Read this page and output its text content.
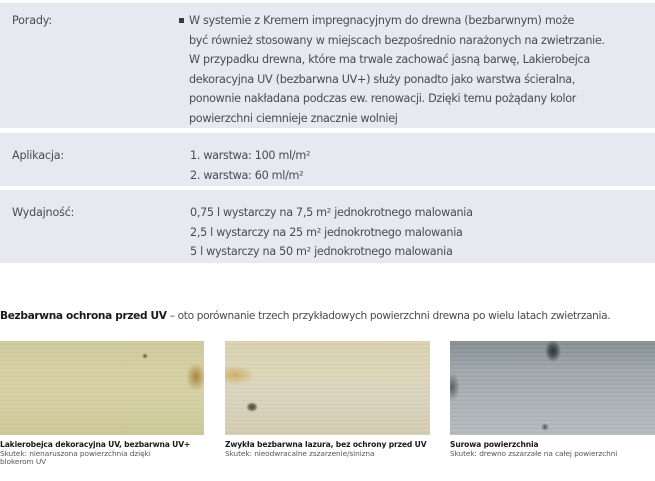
Porady:	W systemie z Kremem impregnacyjnym do drewna (bezbarwnym) może
być również stosowany w miejscach bezpośrednio narażonych na zwietrzanie.
W przypadku drewna, które ma trwale zachować jasną barwę, Lakierobejca
dekoracyjna UV (bezbarwna UV+) służy ponadto jako warstwa ścieralna,
ponownie nakładana podczas ew. renowacji. Dzięki temu pożądany kolor
powierzchni ciemnieje znacznie wolniej
Aplikacja:	1. warstwa: 100 ml/m²
2. warstwa: 60 ml/m²
Wydajność:	0,75 l wystarczy na 7,5 m² jednokrotnego malowania
2,5 l wystarczy na 25 m² jednokrotnego malowania
5 l wystarczy na 50 m² jednokrotnego malowania
Bezbarwna ochrona przed UV – oto porównanie trzech przykładowych powierzchni drewna po wielu latach zwietrzania.
Lakierobejca dekoracyjna UV, bezbarwna UV+
Skutek: nienaruszona powierzchnia dzięki
blokerom UV
Zwykła bezbarwna lazura, bez ochrony przed UV
Skutek: nieodwracalne zszarzenie/sinizna
Surowa powierzchnia
Skutek: drewno zszarzałe na całej powierzchni
